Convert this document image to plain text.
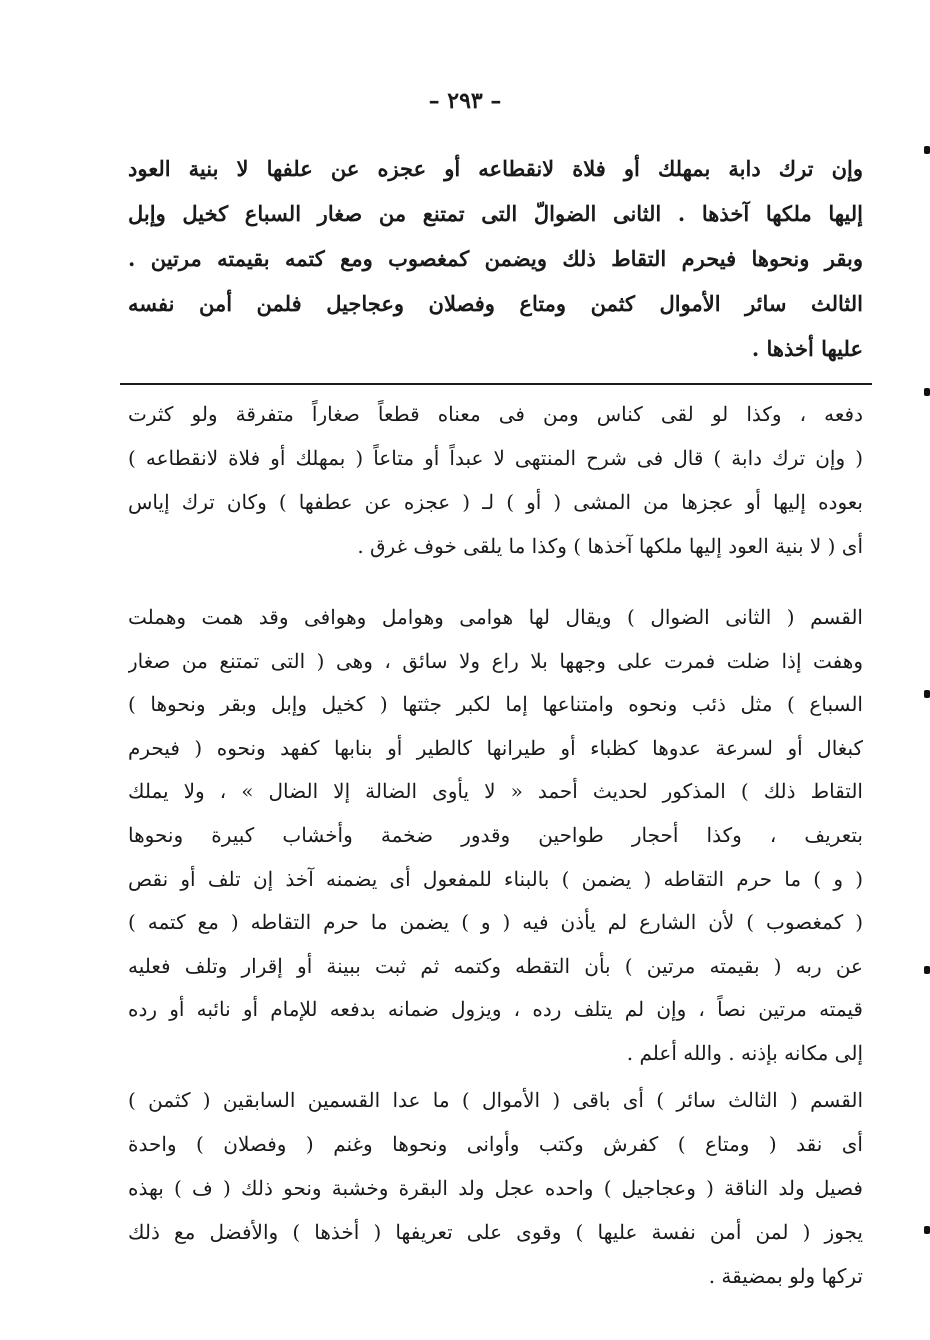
– ٢٩٣ –
وإن ترك دابة بمهلك أو فلاة لانقطاعه أو عجزه عن علفها لا بنية العود
إليها ملكها آخذها . الثانى الضوالّ التى تمتنع من صغار السباع كخيل وإبل
وبقر ونحوها فيحرم التقاط ذلك ويضمن كمغصوب ومع كتمه بقيمته مرتين .
الثالث سائر الأموال كثمن ومتاع وفصلان وعجاجيل فلمن أمن نفسه
عليها أخذها .
دفعه ، وكذا لو لقى كناس ومن فى معناه قطعاً صغاراً متفرقة ولو كثرت
( وإن ترك دابة ) قال فى شرح المنتهى لا عبداً أو متاعاً ( بمهلك أو فلاة لانقطاعه )
بعوده إليها أو عجزها من المشى ( أو ) لـ ( عجزه عن عطفها ) وكان ترك إياس
أى ( لا بنية العود إليها ملكها آخذها ) وكذا ما يلقى خوف غرق .
القسم ( الثانى الضوال ) ويقال لها هوامى وهوامل وهوافى وقد همت وهملت
وهفت إذا ضلت فمرت على وجهها بلا راع ولا سائق ، وهى ( التى تمتنع من صغار
السباع ) مثل ذئب ونحوه وامتناعها إما لكبر جثتها ( كخيل وإبل وبقر ونحوها )
كبغال أو لسرعة عدوها كظباء أو طيرانها كالطير أو بنابها كفهد ونحوه ( فيحرم
التقاط ذلك ) المذكور لحديث أحمد « لا يأوى الضالة إلا الضال » ، ولا يملك
بتعريف ، وكذا أحجار طواحين وقدور ضخمة وأخشاب كبيرة ونحوها
( و ) ما حرم التقاطه ( يضمن ) بالبناء للمفعول أى يضمنه آخذ إن تلف أو نقص
( كمغصوب ) لأن الشارع لم يأذن فيه ( و ) يضمن ما حرم التقاطه ( مع كتمه )
عن ربه ( بقيمته مرتين ) بأن التقطه وكتمه ثم ثبت ببينة أو إقرار وتلف فعليه
قيمته مرتين نصاً ، وإن لم يتلف رده ، ويزول ضمانه بدفعه للإمام أو نائبه أو رده
إلى مكانه بإذنه . والله أعلم .
القسم ( الثالث سائر ) أى باقى ( الأموال ) ما عدا القسمين السابقين ( كثمن )
أى نقد ( ومتاع ) كفرش وكتب وأوانى ونحوها وغنم ( وفصلان ) واحدة
فصيل ولد الناقة ( وعجاجيل ) واحده عجل ولد البقرة وخشبة ونحو ذلك ( ف ) بهذه
يجوز ( لمن أمن نفسة عليها ) وقوى على تعريفها ( أخذها ) والأفضل مع ذلك
تركها ولو بمضيقة .
